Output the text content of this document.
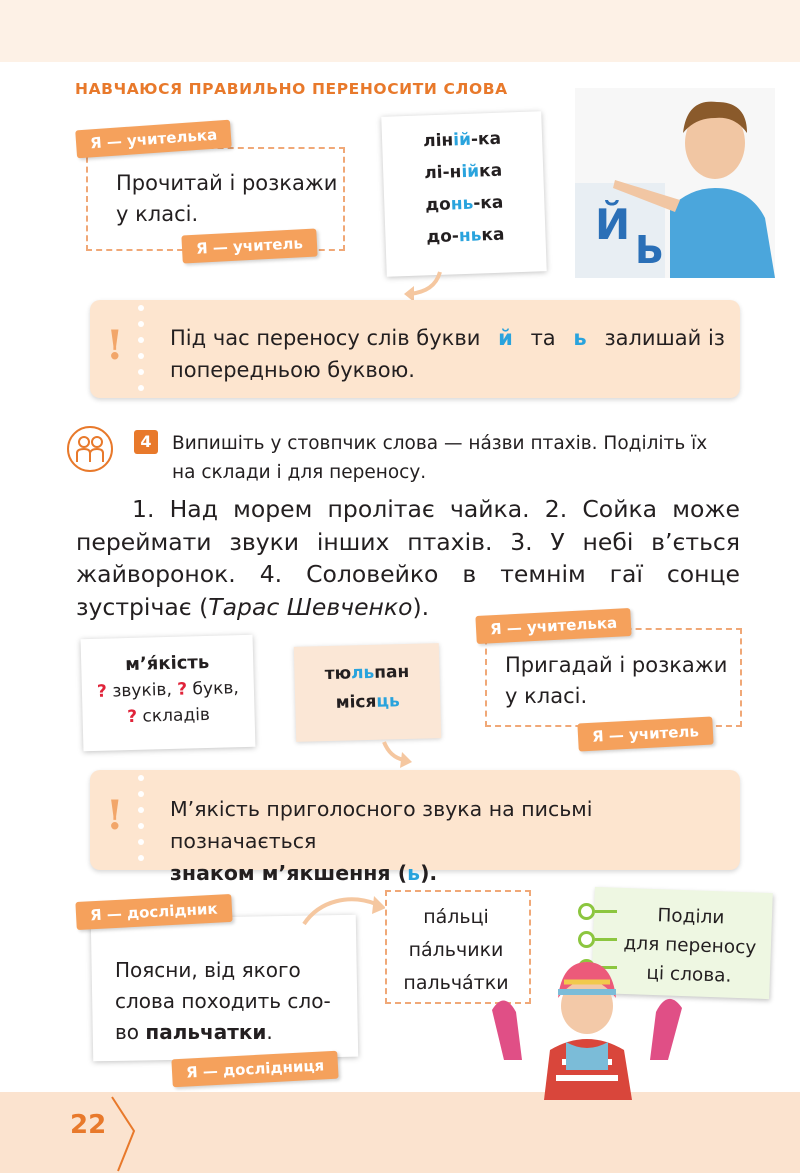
НАВЧАЮСЯ ПРАВИЛЬНО ПЕРЕНОСИТИ СЛОВА
Я — учителька
Прочитай і розкажи
у класі.
Я — учитель
ліній-ка
лі-нійка
донь-ка
до-нька	Й
Ь
! Під час переносу слів букви й та ь залишай із
попередньою буквою.
4	Випишіть у стовпчик слова — на́зви птахів. Поділіть їх
на склади і для переносу.
1. Над морем пролітає чайка. 2. Сойка може переймати звуки інших птахів. 3. У небі в’ється жайворонок. 4. Соловейко в темнім гаї сонце зустрічає (Тарас Шевченко).
м’я́кість
? звуків, ? букв,
? складів
тюльпан
місяць
Я — учителька
Пригадай і розкажи
у класі.
Я — учитель
! М’якість приголосного звука на письмі позначається
знаком м’якшення (ь).
Я — дослідник
Поясни, від якого
слова походить сло-
во пальчатки.
Я — дослідниця
па́льці
па́льчики
пальча́тки
Поділи
для переносу
ці слова.
22
